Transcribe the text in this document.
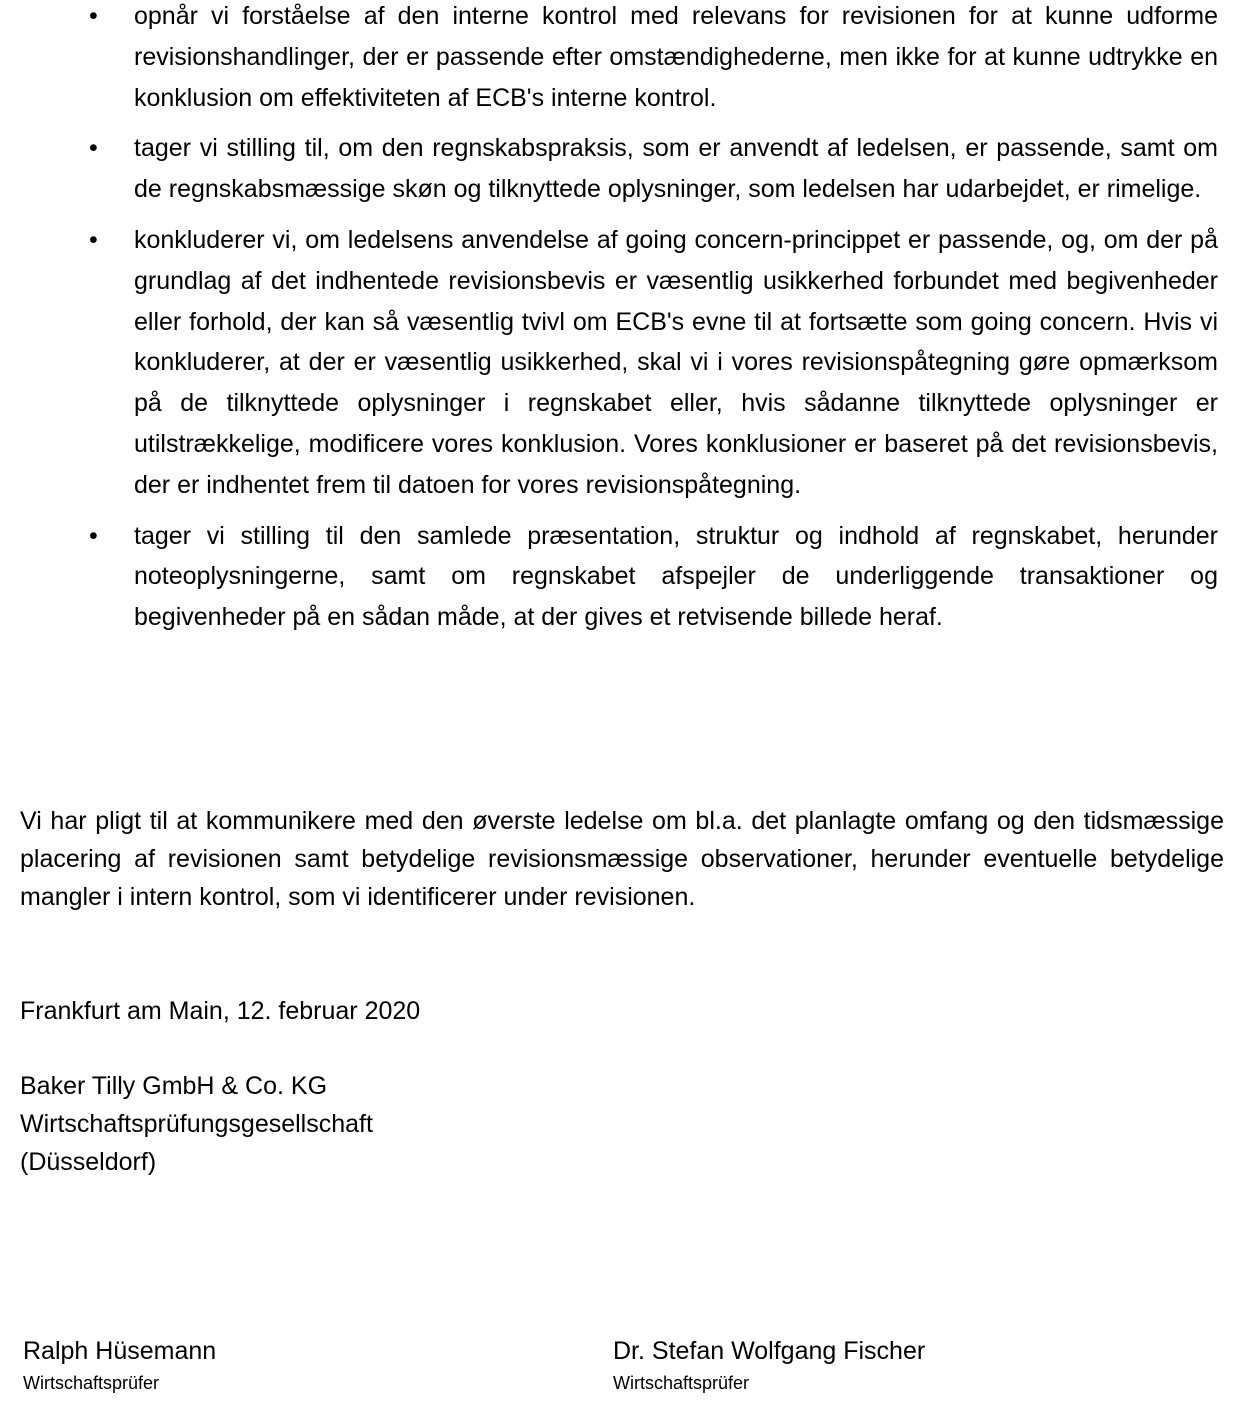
• opnår vi forståelse af den interne kontrol med relevans for revisionen for at kunne udforme revisionshandlinger, der er passende efter omstændighederne, men ikke for at kunne udtrykke en konklusion om effektiviteten af ECB's interne kontrol.
• tager vi stilling til, om den regnskabspraksis, som er anvendt af ledelsen, er passende, samt om de regnskabsmæssige skøn og tilknyttede oplysninger, som ledelsen har udarbejdet, er rimelige.
• konkluderer vi, om ledelsens anvendelse af going concern-princippet er passende, og, om der på grundlag af det indhentede revisionsbevis er væsentlig usikkerhed forbundet med begivenheder eller forhold, der kan så væsentlig tvivl om ECB's evne til at fortsætte som going concern. Hvis vi konkluderer, at der er væsentlig usikkerhed, skal vi i vores revisionspåtegning gøre opmærksom på de tilknyttede oplysninger i regnskabet eller, hvis sådanne tilknyttede oplysninger er utilstrækkelige, modificere vores konklusion. Vores konklusioner er baseret på det revisionsbevis, der er indhentet frem til datoen for vores revisionspåtegning.
• tager vi stilling til den samlede præsentation, struktur og indhold af regnskabet, herunder noteoplysningerne, samt om regnskabet afspejler de underliggende transaktioner og begivenheder på en sådan måde, at der gives et retvisende billede heraf.

Vi har pligt til at kommunikere med den øverste ledelse om bl.a. det planlagte omfang og den tidsmæssige placering af revisionen samt betydelige revisionsmæssige observationer, herunder eventuelle betydelige mangler i intern kontrol, som vi identificerer under revisionen.

Frankfurt am Main, 12. februar 2020

Baker Tilly GmbH & Co. KG
Wirtschaftsprüfungsgesellschaft
(Düsseldorf)
Ralph Hüsemann
Wirtschaftsprüfer
Dr. Stefan Wolfgang Fischer
Wirtschaftsprüfer
